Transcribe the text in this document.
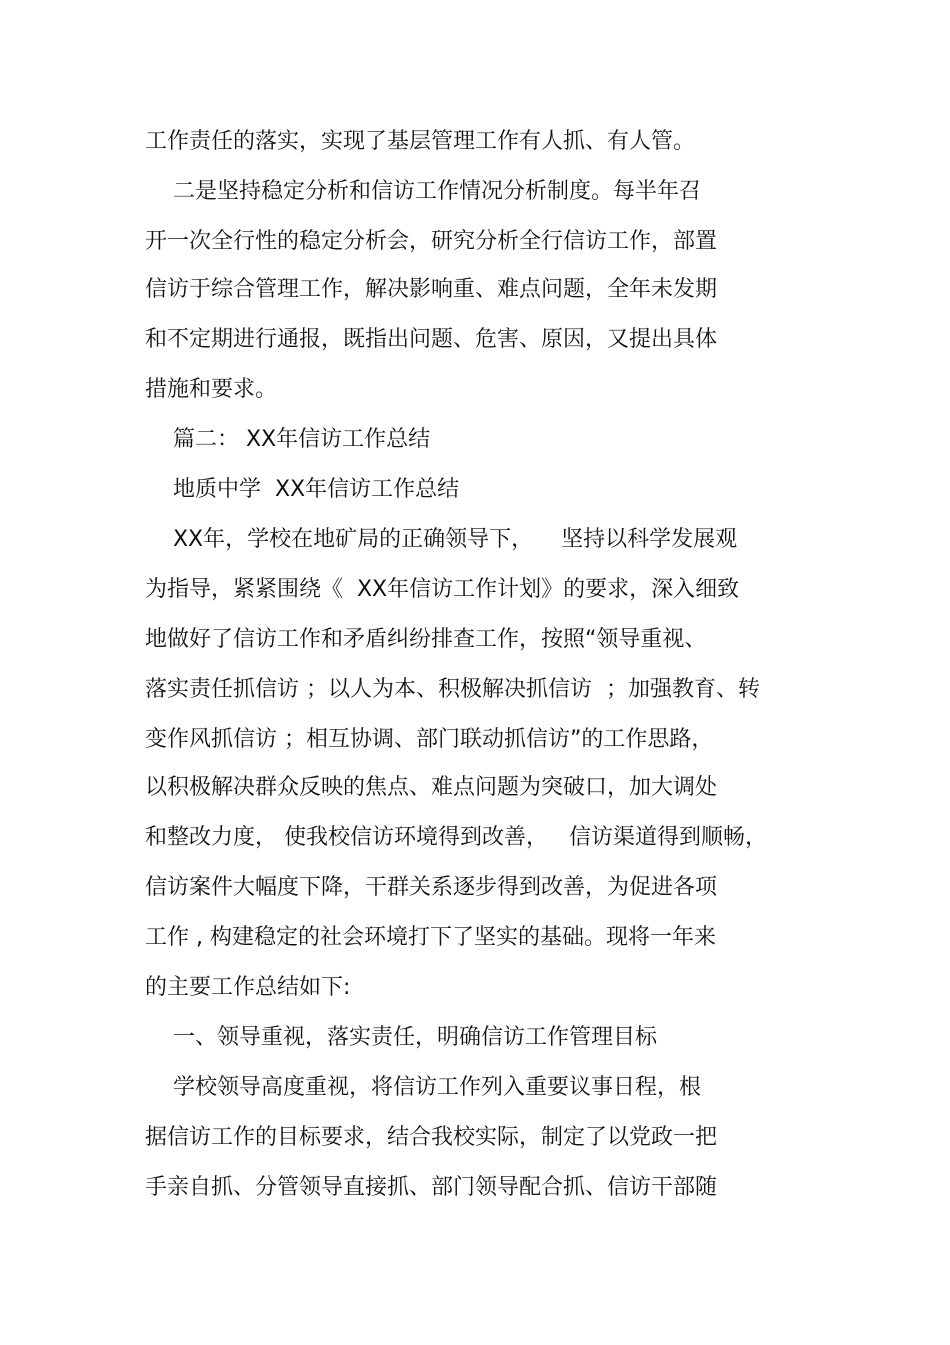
工作责任的落实，实现了基层管理工作有人抓、有人管。
二是坚持稳定分析和信访工作情况分析制度。每半年召
开一次全行性的稳定分析会，研究分析全行信访工作，部置
信访于综合管理工作，解决影响重、难点问题，全年未发期
和不定期进行通报，既指出问题、危害、原因，又提出具体
措施和要求。
篇二： XX年信访工作总结
地质中学  XX年信访工作总结
XX年，学校在地矿局的正确领导下，    坚持以科学发展观
为指导，紧紧围绕《  XX年信访工作计划》的要求，深入细致
地做好了信访工作和矛盾纠纷排查工作，按照“领导重视、
落实责任抓信访 ；以人为本、积极解决抓信访  ；加强教育、转
变作风抓信访 ；相互协调、部门联动抓信访”的工作思路，
以积极解决群众反映的焦点、难点问题为突破口，加大调处
和整改力度， 使我校信访环境得到改善，   信访渠道得到顺畅，
信访案件大幅度下降，干群关系逐步得到改善，为促进各项
工作 , 构建稳定的社会环境打下了坚实的基础。现将一年来
的主要工作总结如下:
一、领导重视，落实责任，明确信访工作管理目标
学校领导高度重视，将信访工作列入重要议事日程，根
据信访工作的目标要求，结合我校实际，制定了以党政一把
手亲自抓、分管领导直接抓、部门领导配合抓、信访干部随
